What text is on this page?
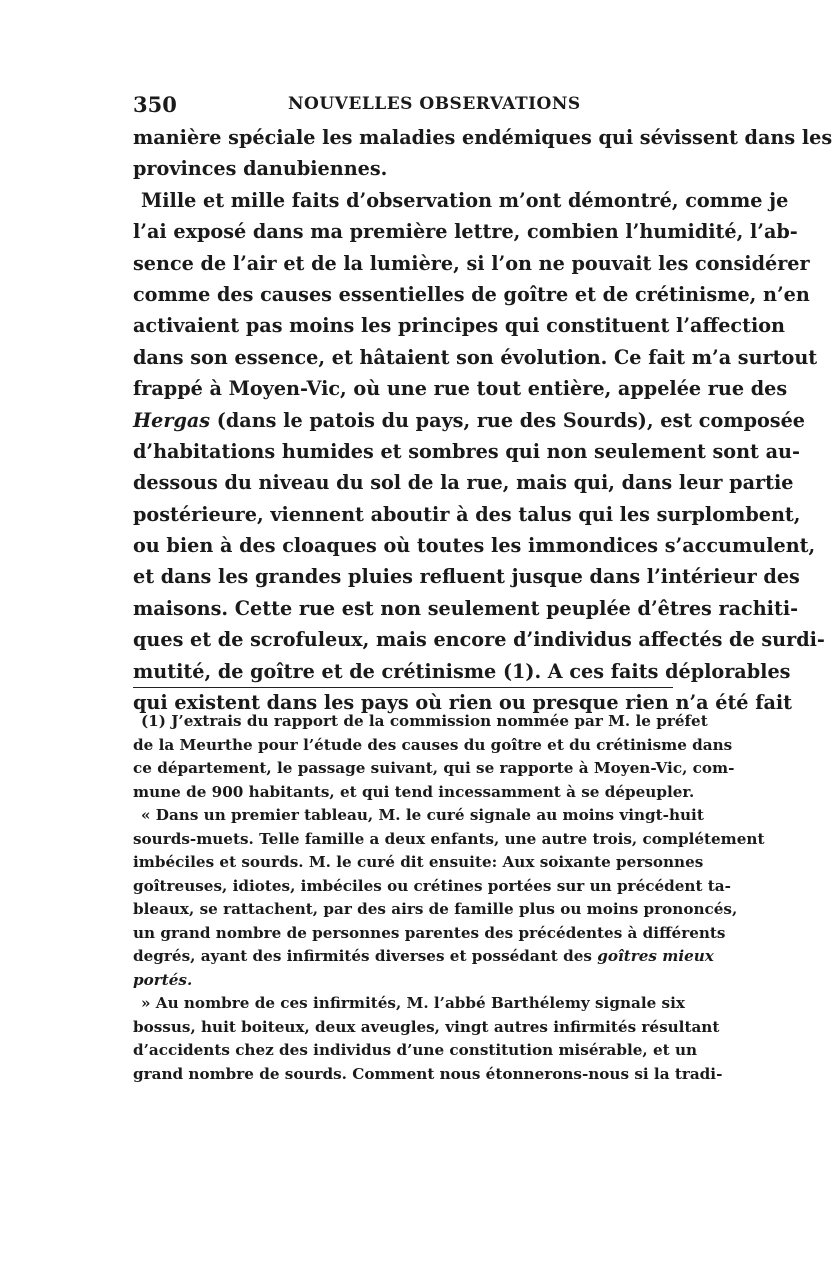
350	NOUVELLES OBSERVATIONS
manière spéciale les maladies endémiques qui sévissent dans les
provinces danubiennes.
Mille et mille faits d’observation m’ont démontré, comme je
l’ai exposé dans ma première lettre, combien l’humidité, l’ab-
sence de l’air et de la lumière, si l’on ne pouvait les considérer
comme des causes essentielles de goître et de crétinisme, n’en
activaient pas moins les principes qui constituent l’affection
dans son essence, et hâtaient son évolution. Ce fait m’a surtout
frappé à Moyen-Vic, où une rue tout entière, appelée rue des
Hergas (dans le patois du pays, rue des Sourds), est composée
d’habitations humides et sombres qui non seulement sont au-
dessous du niveau du sol de la rue, mais qui, dans leur partie
postérieure, viennent aboutir à des talus qui les surplombent,
ou bien à des cloaques où toutes les immondices s’accumulent,
et dans les grandes pluies refluent jusque dans l’intérieur des
maisons. Cette rue est non seulement peuplée d’êtres rachiti-
ques et de scrofuleux, mais encore d’individus affectés de surdi-
mutité, de goître et de crétinisme (1). A ces faits déplorables
qui existent dans les pays où rien ou presque rien n’a été fait
(1) J’extrais du rapport de la commission nommée par M. le préfet
de la Meurthe pour l’étude des causes du goître et du crétinisme dans
ce département, le passage suivant, qui se rapporte à Moyen-Vic, com-
mune de 900 habitants, et qui tend incessamment à se dépeupler.
« Dans un premier tableau, M. le curé signale au moins vingt-huit
sourds-muets. Telle famille a deux enfants, une autre trois, complétement
imbéciles et sourds. M. le curé dit ensuite: Aux soixante personnes
goîtreuses, idiotes, imbéciles ou crétines portées sur un précédent ta-
bleaux, se rattachent, par des airs de famille plus ou moins prononcés,
un grand nombre de personnes parentes des précédentes à différents
degrés, ayant des infirmités diverses et possédant des goîtres mieux
portés.
» Au nombre de ces infirmités, M. l’abbé Barthélemy signale six
bossus, huit boiteux, deux aveugles, vingt autres infirmités résultant
d’accidents chez des individus d’une constitution misérable, et un
grand nombre de sourds. Comment nous étonnerons-nous si la tradi-
